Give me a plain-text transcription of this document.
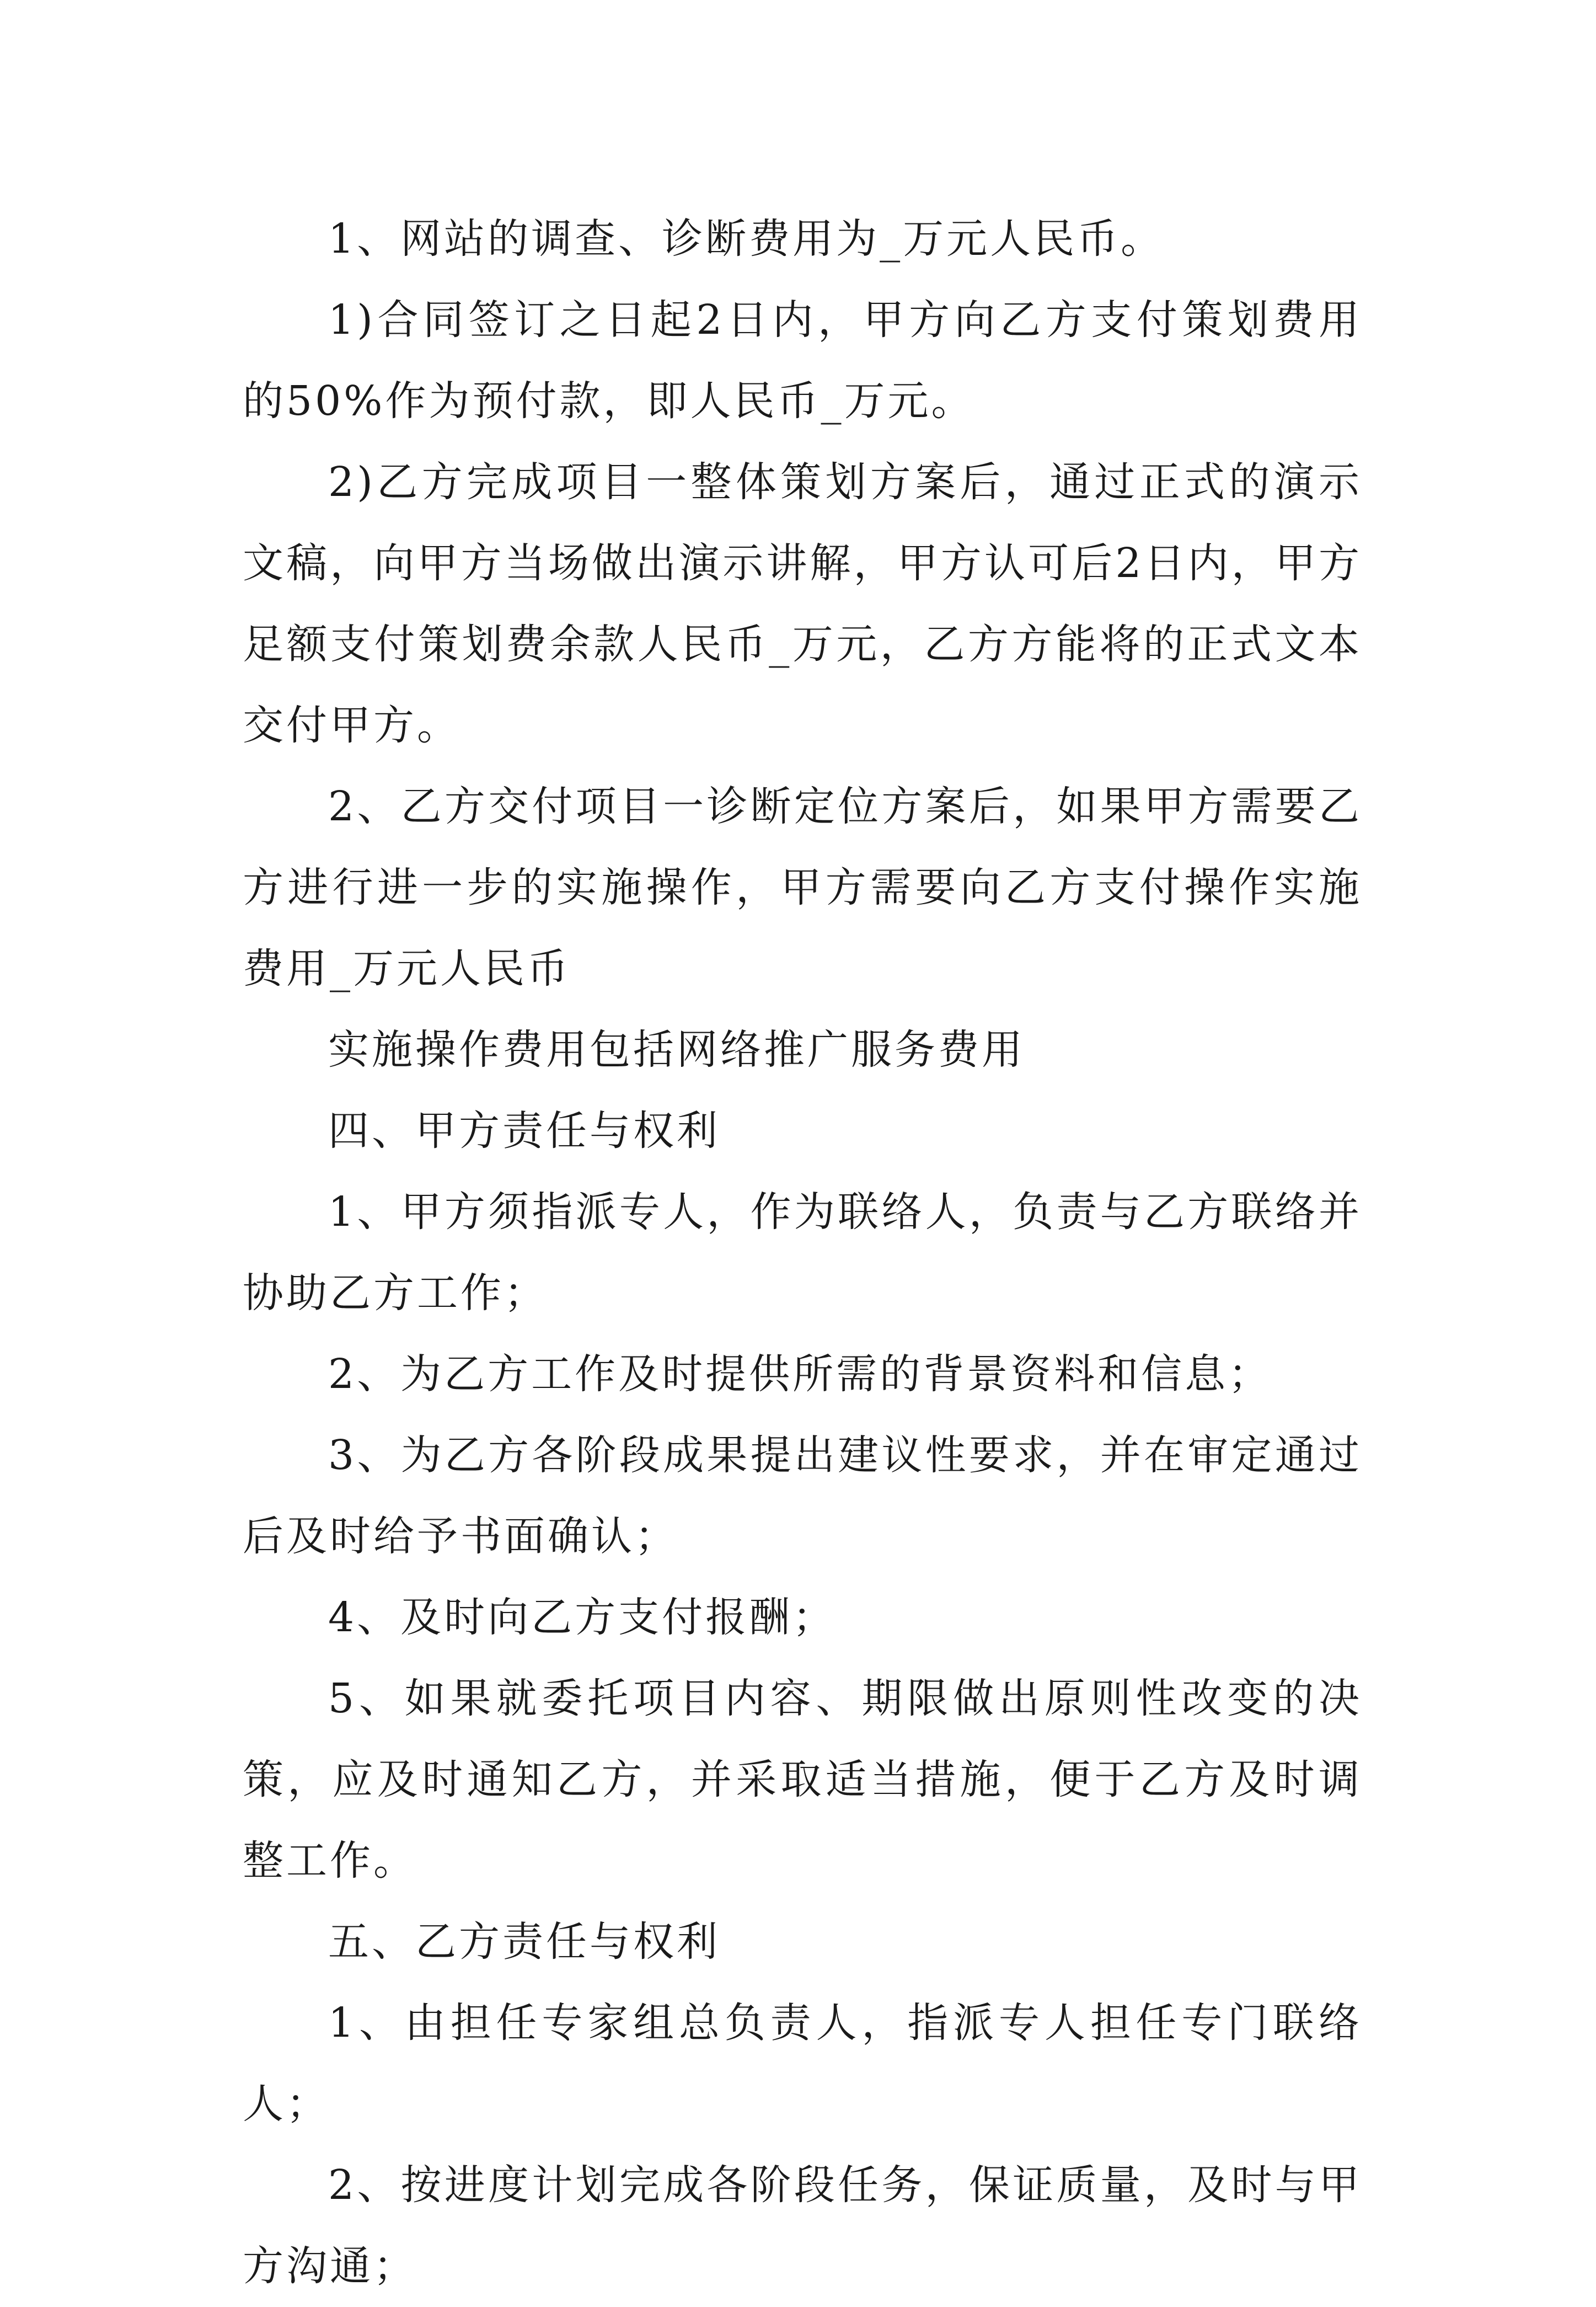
1、网站的调查、诊断费用为_万元人民币。

1)合同签订之日起2日内，甲方向乙方支付策划费用的50%作为预付款，即人民币_万元。

2)乙方完成项目一整体策划方案后，通过正式的演示文稿，向甲方当场做出演示讲解，甲方认可后2日内，甲方足额支付策划费余款人民币_万元，乙方方能将的正式文本交付甲方。

2、乙方交付项目一诊断定位方案后，如果甲方需要乙方进行进一步的实施操作，甲方需要向乙方支付操作实施费用_万元人民币

实施操作费用包括网络推广服务费用

四、甲方责任与权利

1、甲方须指派专人，作为联络人，负责与乙方联络并协助乙方工作；

2、为乙方工作及时提供所需的背景资料和信息；

3、为乙方各阶段成果提出建议性要求，并在审定通过后及时给予书面确认；

4、及时向乙方支付报酬；

5、如果就委托项目内容、期限做出原则性改变的决策，应及时通知乙方，并采取适当措施，便于乙方及时调整工作。

五、乙方责任与权利

1、由担任专家组总负责人，指派专人担任专门联络人；

2、按进度计划完成各阶段任务，保证质量，及时与甲方沟通；
